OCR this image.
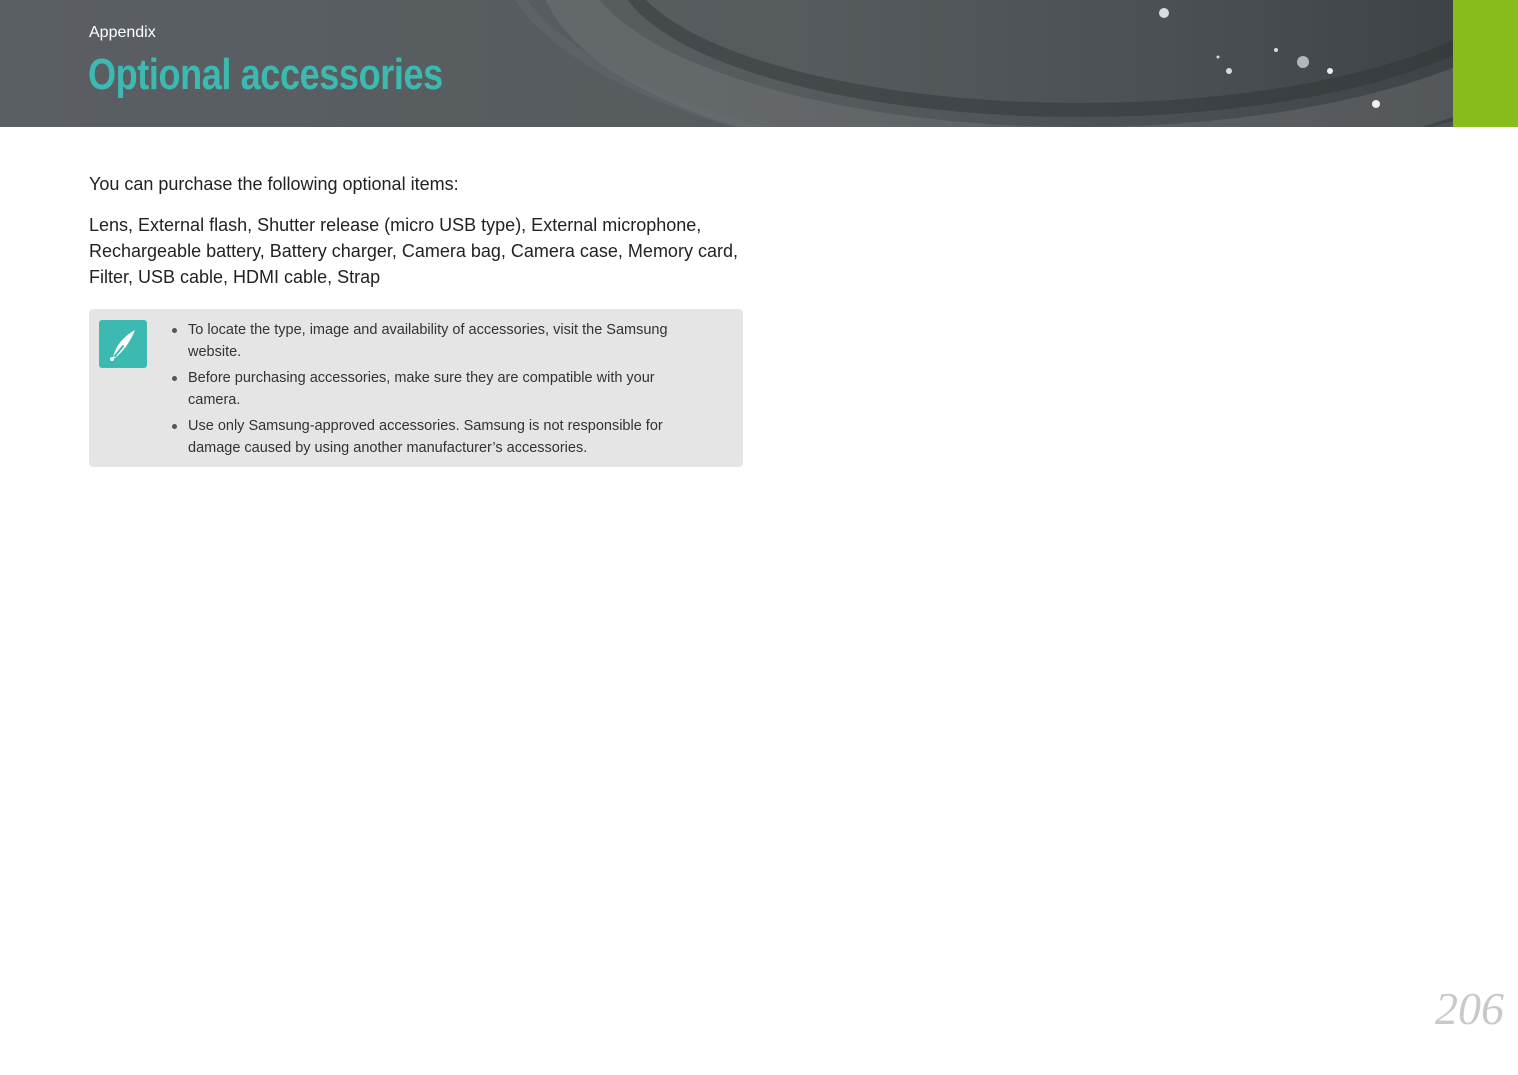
Appendix
Optional accessories

You can purchase the following optional items:

Lens, External flash, Shutter release (micro USB type), External microphone, Rechargeable battery, Battery charger, Camera bag, Camera case, Memory card, Filter, USB cable, HDMI cable, Strap

To locate the type, image and availability of accessories, visit the Samsung website.
Before purchasing accessories, make sure they are compatible with your camera.
Use only Samsung-approved accessories. Samsung is not responsible for damage caused by using another manufacturer’s accessories.
206
